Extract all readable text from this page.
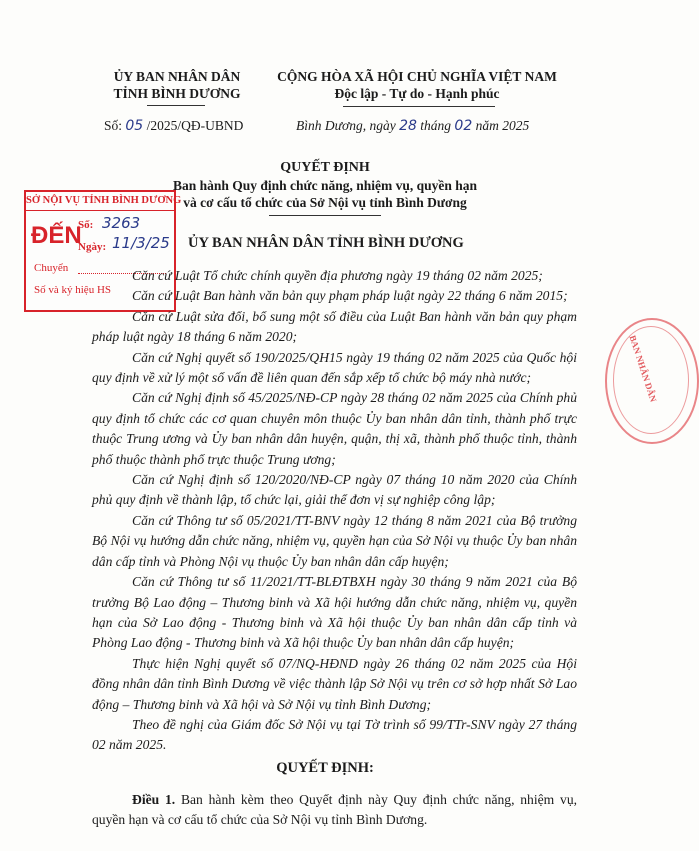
ỦY BAN NHÂN DÂN
TỈNH BÌNH DƯƠNG
CỘNG HÒA XÃ HỘI CHỦ NGHĨA VIỆT NAM
Độc lập - Tự do - Hạnh phúc
Số: 05 /2025/QĐ-UBND	Bình Dương, ngày 28 tháng 02 năm 2025
QUYẾT ĐỊNH
Ban hành Quy định chức năng, nhiệm vụ, quyền hạn
và cơ cấu tổ chức của Sở Nội vụ tỉnh Bình Dương
SỞ NỘI VỤ TỈNH BÌNH DƯƠNG
ĐẾN
Số: 3263
Ngày: 11/3/25
Chuyển
Số và ký hiệu HS
BAN NHÂN DÂN
ỦY BAN NHÂN DÂN TỈNH BÌNH DƯƠNG

Căn cứ Luật Tổ chức chính quyền địa phương ngày 19 tháng 02 năm 2025;

Căn cứ Luật Ban hành văn bản quy phạm pháp luật ngày 22 tháng 6 năm 2015;

Căn cứ Luật sửa đổi, bổ sung một số điều của Luật Ban hành văn bản quy phạm pháp luật ngày 18 tháng 6 năm 2020;

Căn cứ Nghị quyết số 190/2025/QH15 ngày 19 tháng 02 năm 2025 của Quốc hội quy định về xử lý một số vấn đề liên quan đến sắp xếp tổ chức bộ máy nhà nước;

Căn cứ Nghị định số 45/2025/NĐ-CP ngày 28 tháng 02 năm 2025 của Chính phủ quy định tổ chức các cơ quan chuyên môn thuộc Ủy ban nhân dân tỉnh, thành phố trực thuộc Trung ương và Ủy ban nhân dân huyện, quận, thị xã, thành phố thuộc tỉnh, thành phố thuộc thành phố trực thuộc Trung ương;

Căn cứ Nghị định số 120/2020/NĐ-CP ngày 07 tháng 10 năm 2020 của Chính phủ quy định về thành lập, tổ chức lại, giải thể đơn vị sự nghiệp công lập;

Căn cứ Thông tư số 05/2021/TT-BNV ngày 12 tháng 8 năm 2021 của Bộ trưởng Bộ Nội vụ hướng dẫn chức năng, nhiệm vụ, quyền hạn của Sở Nội vụ thuộc Ủy ban nhân dân cấp tỉnh và Phòng Nội vụ thuộc Ủy ban nhân dân cấp huyện;

Căn cứ Thông tư số 11/2021/TT-BLĐTBXH ngày 30 tháng 9 năm 2021 của Bộ trưởng Bộ Lao động – Thương binh và Xã hội hướng dẫn chức năng, nhiệm vụ, quyền hạn của Sở Lao động - Thương binh và Xã hội thuộc Ủy ban nhân dân cấp tỉnh và Phòng Lao động - Thương binh và Xã hội thuộc Ủy ban nhân dân cấp huyện;

Thực hiện Nghị quyết số 07/NQ-HĐND ngày 26 tháng 02 năm 2025 của Hội đồng nhân dân tỉnh Bình Dương về việc thành lập Sở Nội vụ trên cơ sở hợp nhất Sở Lao động – Thương binh và Xã hội và Sở Nội vụ tỉnh Bình Dương;

Theo đề nghị của Giám đốc Sở Nội vụ tại Tờ trình số 99/TTr-SNV ngày 27 tháng 02 năm 2025.

QUYẾT ĐỊNH:
Điều 1. Ban hành kèm theo Quyết định này Quy định chức năng, nhiệm vụ, quyền hạn và cơ cấu tổ chức của Sở Nội vụ tỉnh Bình Dương.
